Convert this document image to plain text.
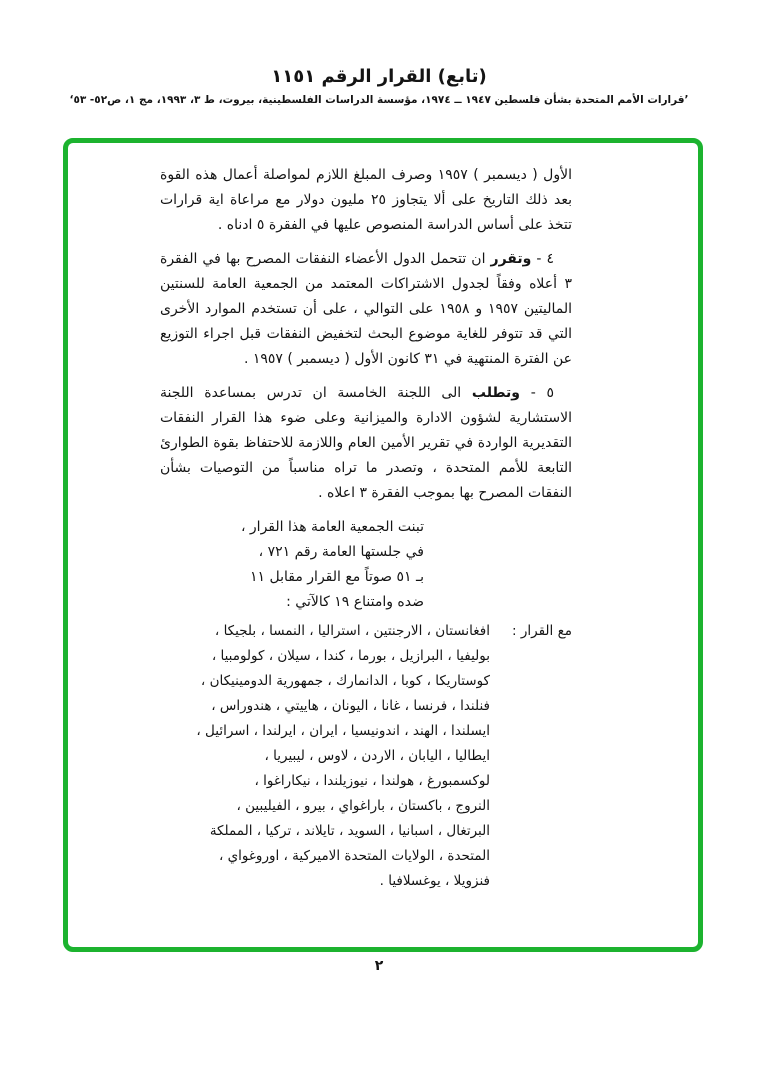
(تابع) القرار الرقم ١١٥١
’قرارات الأمم المتحدة بشأن فلسطين ١٩٤٧ ــ ١٩٧٤، مؤسسة الدراسات الفلسطينية، بيروت، ط ٣، ١٩٩٣، مج ١، ص٥٢- ٥٣‘
الأول ( ديسمبر ) ١٩٥٧ وصرف المبلغ اللازم لمواصلة أعمال هذه القوة بعد ذلك التاريخ على ألا يتجاوز ٢٥ مليون دولار مع مراعاة اية قرارات تتخذ على أساس الدراسة المنصوص عليها في الفقرة ٥ ادناه .
٤ - وتقرر ان تتحمل الدول الأعضاء النفقات المصرح بها في الفقرة ٣ أعلاه وفقاً لجدول الاشتراكات المعتمد من الجمعية العامة للسنتين الماليتين ١٩٥٧ و ١٩٥٨ على التوالي ، على أن تستخدم الموارد الأخرى التي قد تتوفر للغاية موضوع البحث لتخفيض النفقات قبل اجراء التوزيع عن الفترة المنتهية في ٣١ كانون الأول ( ديسمبر ) ١٩٥٧ .
٥ - وتطلب الى اللجنة الخامسة ان تدرس بمساعدة اللجنة الاستشارية لشؤون الادارة والميزانية وعلى ضوء هذا القرار النفقات التقديرية الواردة في تقرير الأمين العام واللازمة للاحتفاظ بقوة الطوارئ التابعة للأمم المتحدة ، وتصدر ما تراه مناسباً من التوصيات بشأن النفقات المصرح بها بموجب الفقرة ٣ اعلاه .
تبنت الجمعية العامة هذا القرار ،
في جلستها العامة رقم ٧٢١ ،
بـ ٥١ صوتاً مع القرار مقابل ١١
ضده وامتناع ١٩ كالآتي :
مع القرار :
افغانستان ، الارجنتين ، استراليا ، النمسا ، بلجيكا ،
بوليفيا ، البرازيل ، بورما ، كندا ، سيلان ، كولومبيا ،
كوستاريكا ، كوبا ، الدانمارك ، جمهورية الدومينيكان ،
فنلندا ، فرنسا ، غانا ، اليونان ، هاييتي ، هندوراس ،
ايسلندا ، الهند ، اندونيسيا ، ايران ، ايرلندا ، اسرائيل ،
ايطاليا ، اليابان ، الاردن ، لاوس ، ليبيريا ،
لوكسمبورغ ، هولندا ، نيوزيلندا ، نيكاراغوا ،
النروج ، باكستان ، باراغواي ، بيرو ، الفيليبين ،
البرتغال ، اسبانيا ، السويد ، تايلاند ، تركيا ، المملكة
المتحدة ، الولايات المتحدة الاميركية ، اوروغواي ،
فنزويلا ، يوغسلافيا .
٢
